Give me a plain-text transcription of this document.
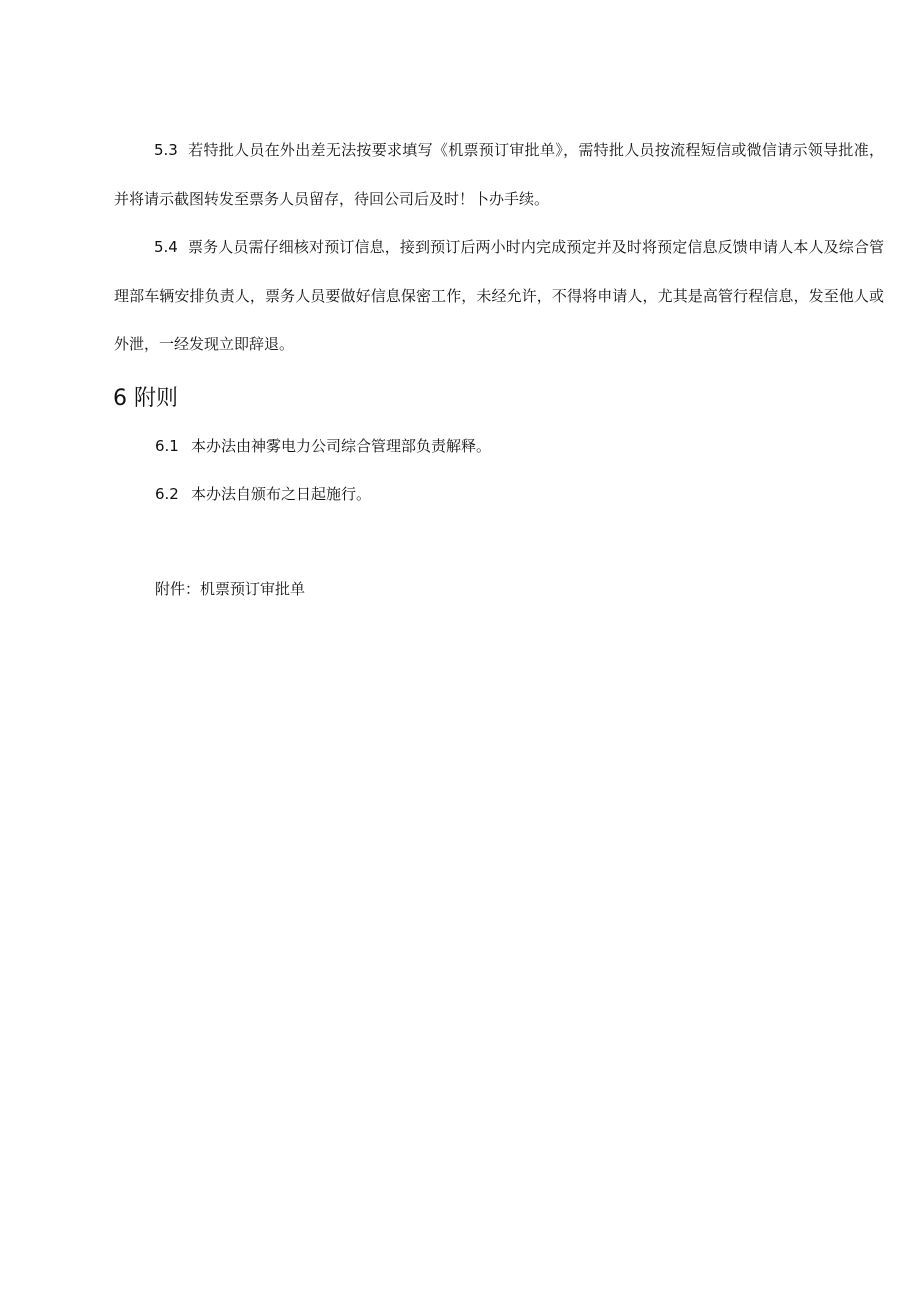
5.3 若特批人员在外出差无法按要求填写《机票预订审批单》，需特批人员按流程短信或微信请示领导批准，并将请示截图转发至票务人员留存，待回公司后及时！卜办手续。

5.4 票务人员需仔细核对预订信息，接到预订后两小时内完成预定并及时将预定信息反馈申请人本人及综合管理部车辆安排负责人，票务人员要做好信息保密工作，未经允许，不得将申请人，尤其是高管行程信息，发至他人或外泄，一经发现立即辞退。

6 附则

6.1 本办法由神雾电力公司综合管理部负责解释。

6.2 本办法自颁布之日起施行。

附件：机票预订审批单
